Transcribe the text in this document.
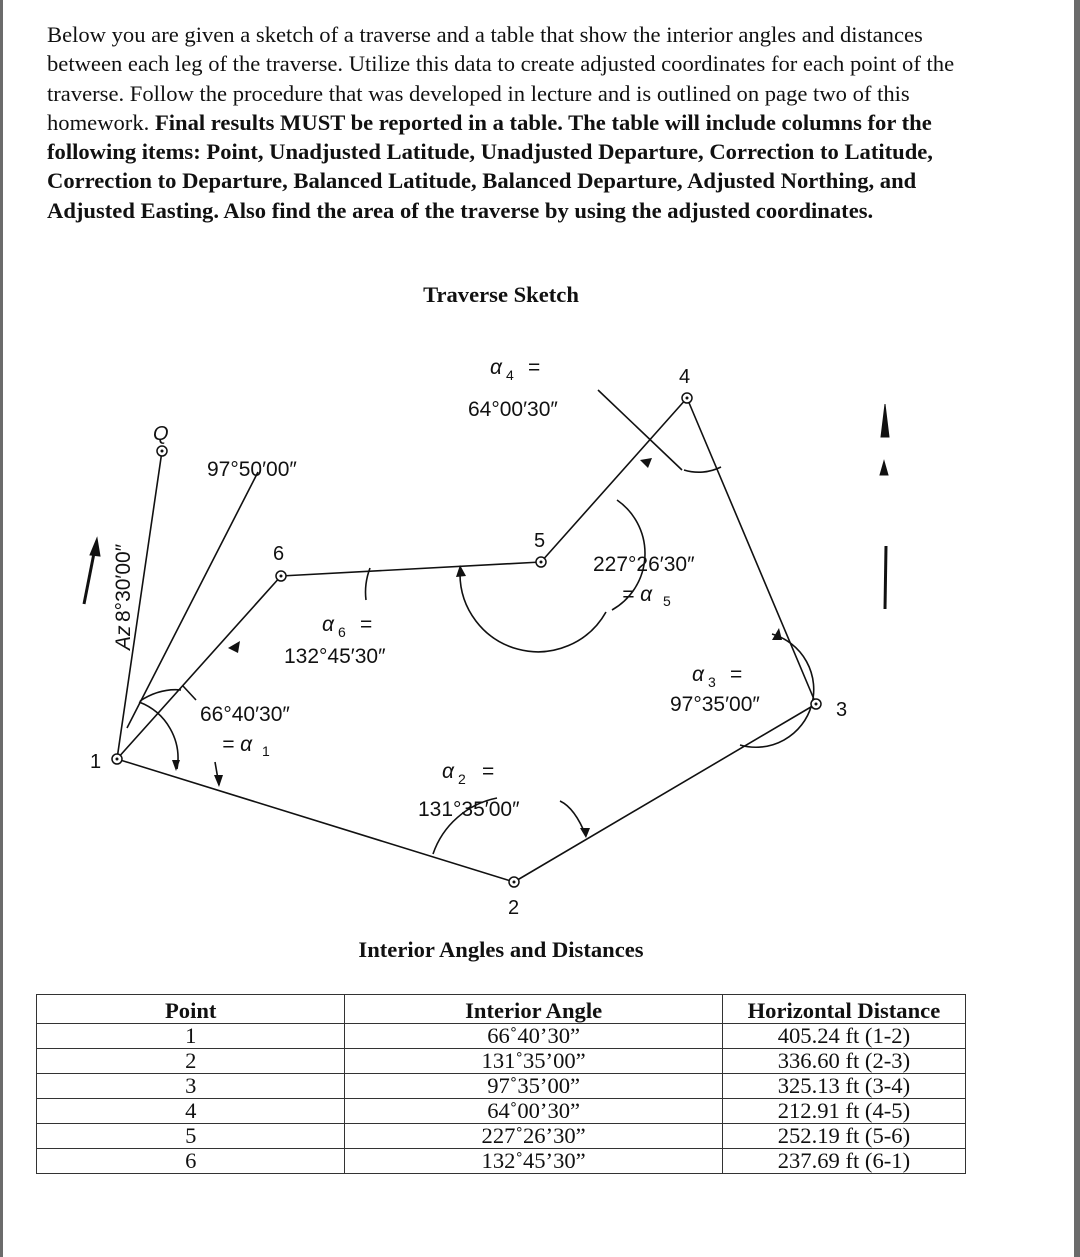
Below you are given a sketch of a traverse and a table that show the interior angles and distances between each leg of the traverse. Utilize this data to create adjusted coordinates for each point of the traverse. Follow the procedure that was developed in lecture and is outlined on page two of this homework. Final results MUST be reported in a table. The table will include columns for the following items: Point, Unadjusted Latitude, Unadjusted Departure, Correction to Latitude, Correction to Departure, Balanced Latitude, Balanced Departure, Adjusted Northing, and Adjusted Easting. Also find the area of the traverse by using the adjusted coordinates.

Traverse Sketch

1
2
3
4
5
6
Q
Az
8°30′00″
97°50′00″
66°40′30″
= α 1
α 2 =
131°35′00″
α 3 =
97°35′00″
α 4 =
64°00′30″
227°26′30″
= α 5
α 6 =
132°45′30″

Interior Angles and Distances

Point	Interior Angle	Horizontal Distance
1	66˚40’30”	405.24 ft (1-2)
2	131˚35’00”	336.60 ft (2-3)
3	97˚35’00”	325.13 ft (3-4)
4	64˚00’30”	212.91 ft (4-5)
5	227˚26’30”	252.19 ft (5-6)
6	132˚45’30”	237.69 ft (6-1)
